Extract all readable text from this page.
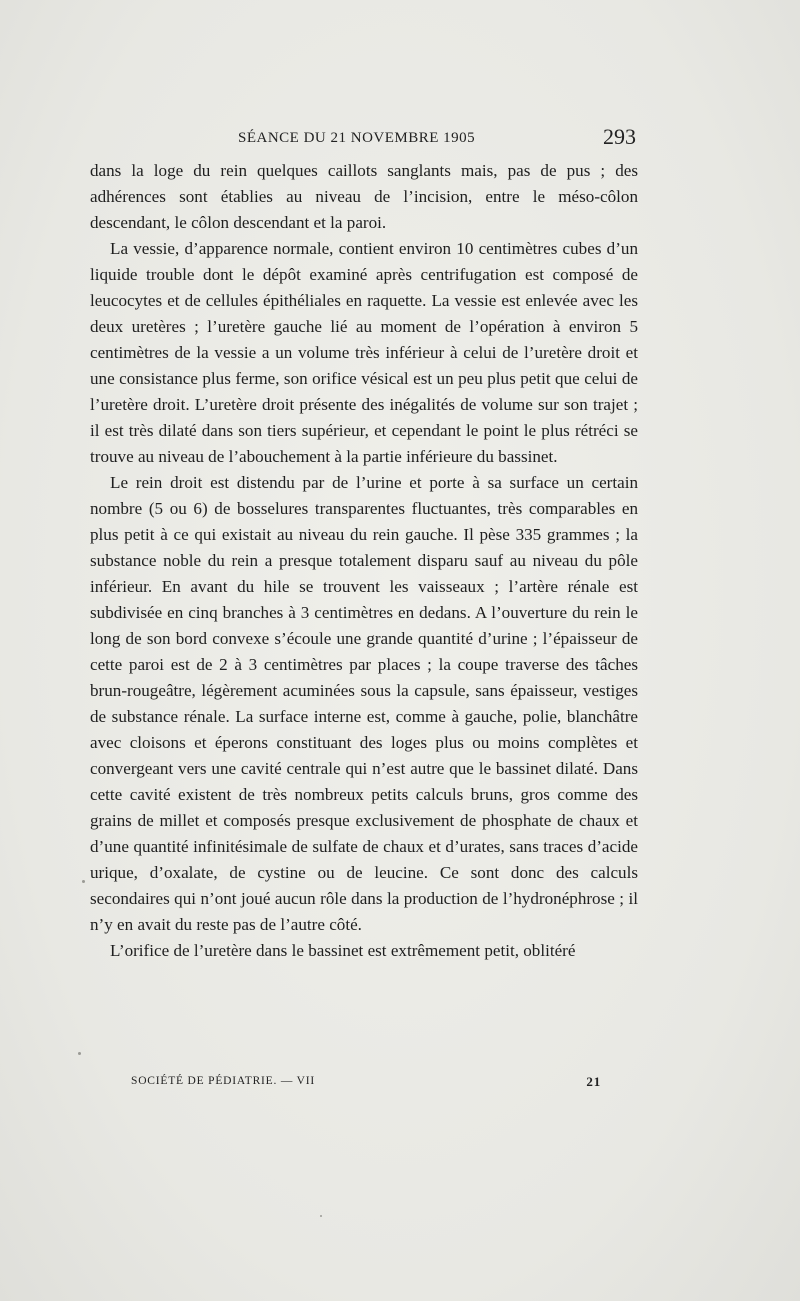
SÉANCE DU 21 NOVEMBRE 1905	293

dans la loge du rein quelques caillots sanglants mais, pas de pus ; des adhérences sont établies au niveau de l’incision, entre le méso-côlon descendant, le côlon descendant et la paroi.

La vessie, d’apparence normale, contient environ 10 centimètres cubes d’un liquide trouble dont le dépôt examiné après centrifugation est composé de leucocytes et de cellules épithéliales en raquette. La vessie est enlevée avec les deux uretères ; l’uretère gauche lié au moment de l’opération à environ 5 centimètres de la vessie a un volume très inférieur à celui de l’uretère droit et une consistance plus ferme, son orifice vésical est un peu plus petit que celui de l’uretère droit. L’uretère droit présente des inégalités de volume sur son trajet ; il est très dilaté dans son tiers supérieur, et cependant le point le plus rétréci se trouve au niveau de l’abouchement à la partie inférieure du bassinet.

Le rein droit est distendu par de l’urine et porte à sa surface un certain nombre (5 ou 6) de bosselures transparentes fluctuantes, très comparables en plus petit à ce qui existait au niveau du rein gauche. Il pèse 335 grammes ; la substance noble du rein a presque totalement disparu sauf au niveau du pôle inférieur. En avant du hile se trouvent les vaisseaux ; l’artère rénale est subdivisée en cinq branches à 3 centimètres en dedans. A l’ouverture du rein le long de son bord convexe s’écoule une grande quantité d’urine ; l’épaisseur de cette paroi est de 2 à 3 centimètres par places ; la coupe traverse des tâches brun-rougeâtre, légèrement acuminées sous la capsule, sans épaisseur, vestiges de substance rénale. La surface interne est, comme à gauche, polie, blanchâtre avec cloisons et éperons constituant des loges plus ou moins complètes et convergeant vers une cavité centrale qui n’est autre que le bassinet dilaté. Dans cette cavité existent de très nombreux petits calculs bruns, gros comme des grains de millet et composés presque exclusivement de phosphate de chaux et d’une quantité infinitésimale de sulfate de chaux et d’urates, sans traces d’acide urique, d’oxalate, de cystine ou de leucine. Ce sont donc des calculs secondaires qui n’ont joué aucun rôle dans la production de l’hydronéphrose ; il n’y en avait du reste pas de l’autre côté.

L’orifice de l’uretère dans le bassinet est extrêmement petit, oblitéré

SOCIÉTÉ DE PÉDIATRIE. — VII	21
